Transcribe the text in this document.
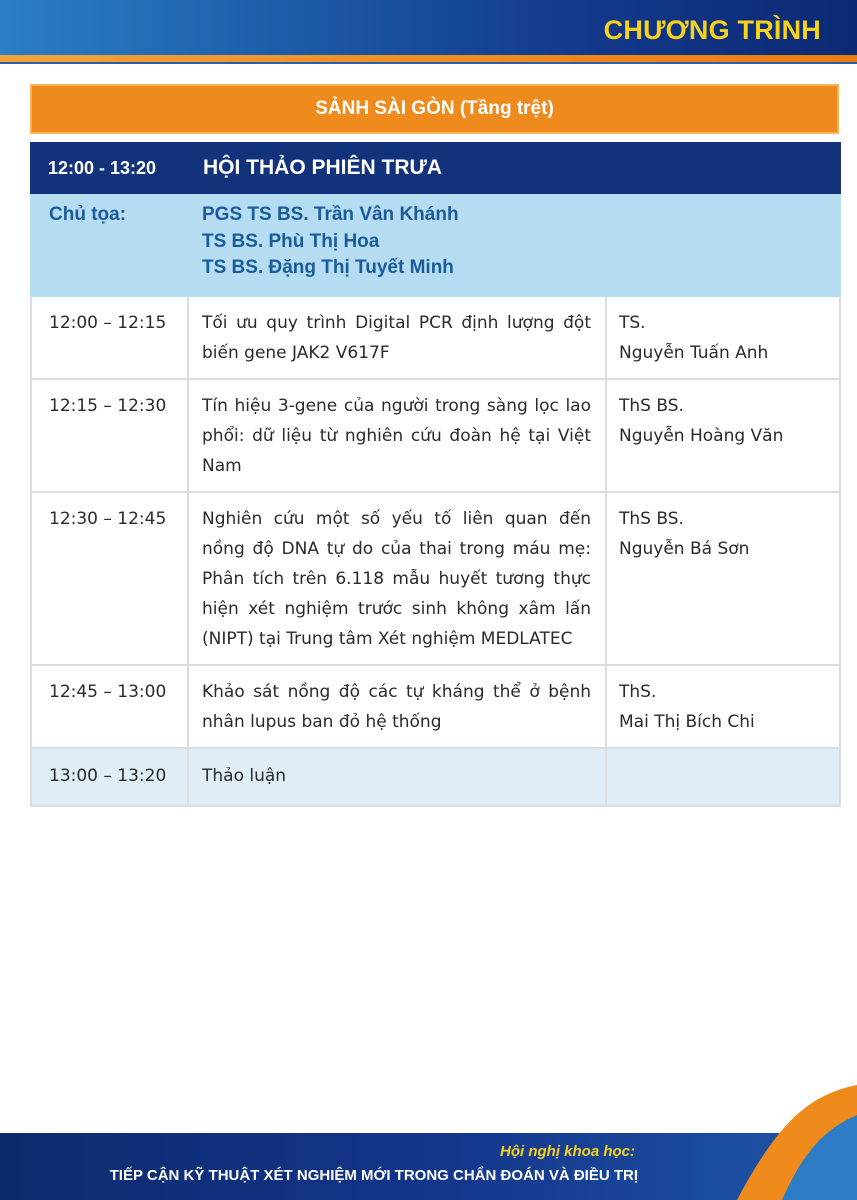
CHƯƠNG TRÌNH
SẢNH SÀI GÒN (Tầng trệt)
12:00 - 13:20	HỘI THẢO PHIÊN TRƯA	
Chủ tọa:	PGS TS BS. Trần Vân Khánh
TS BS. Phù Thị Hoa
TS BS. Đặng Thị Tuyết Minh	

12:00 – 12:15	Tối ưu quy trình Digital PCR định lượng đột biến gene JAK2 V617F	TS.
Nguyễn Tuấn Anh

12:15 – 12:30	Tín hiệu 3-gene của người trong sàng lọc lao phổi: dữ liệu từ nghiên cứu đoàn hệ tại Việt Nam	ThS BS.
Nguyễn Hoàng Văn

12:30 – 12:45	Nghiên cứu một số yếu tố liên quan đến nồng độ DNA tự do của thai trong máu mẹ: Phân tích trên 6.118 mẫu huyết tương thực hiện xét nghiệm trước sinh không xâm lấn (NIPT) tại Trung tâm Xét nghiệm MEDLATEC	ThS BS.
Nguyễn Bá Sơn

12:45 – 13:00	Khảo sát nồng độ các tự kháng thể ở bệnh nhân lupus ban đỏ hệ thống	ThS.
Mai Thị Bích Chi

13:00 – 13:20	Thảo luận	
Hội nghị khoa học:
TIẾP CẬN KỸ THUẬT XÉT NGHIỆM MỚI TRONG CHẨN ĐOÁN VÀ ĐIỀU TRỊ
